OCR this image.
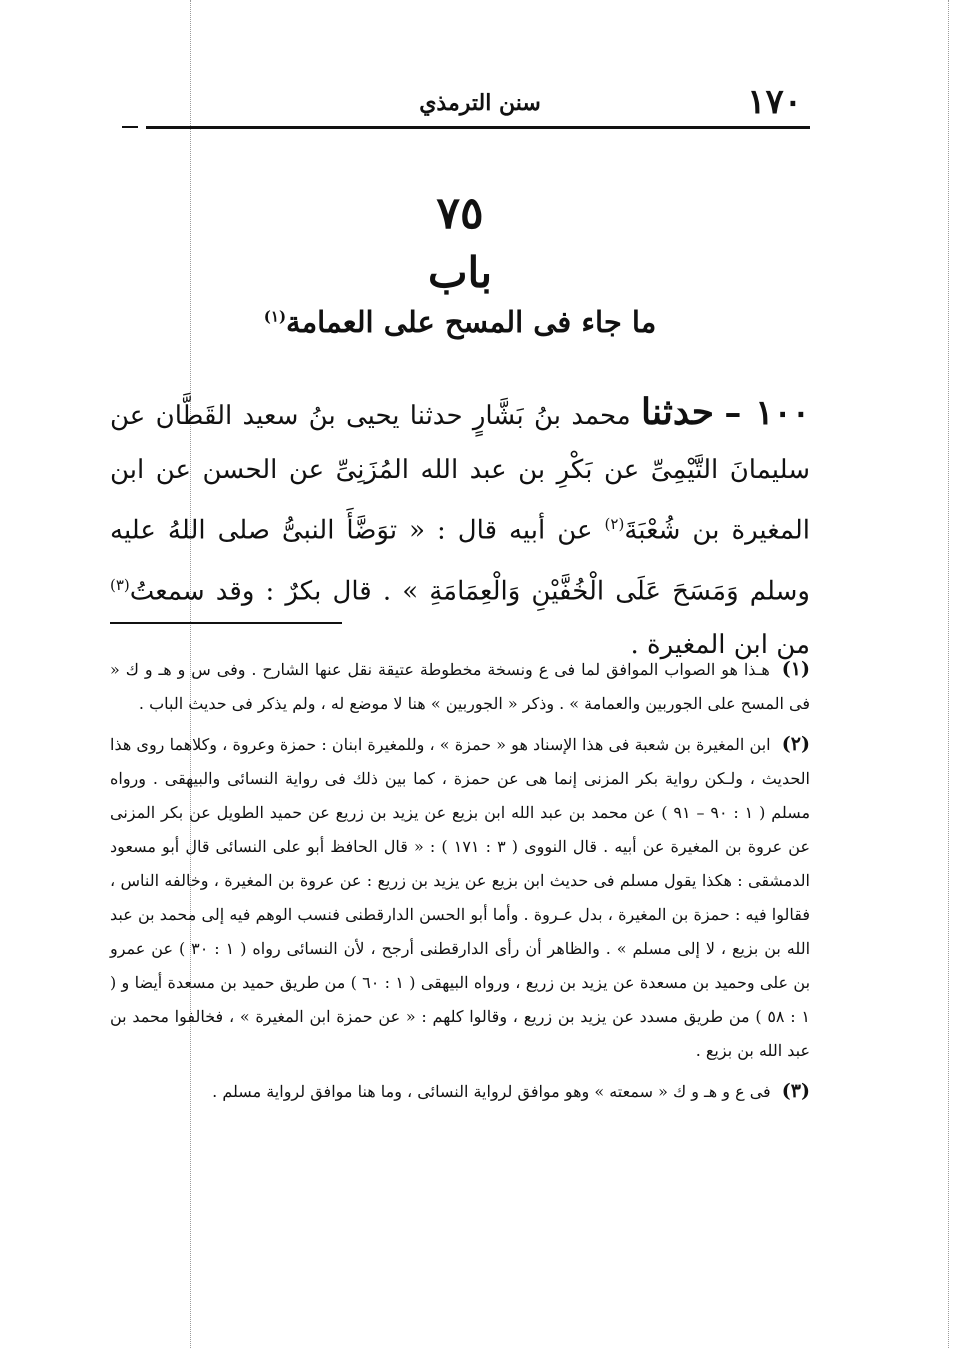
١٧٠
سنن الترمذي
٧٥
باب
ما جاء فى المسح على العمامة$^{(١)}$
١٠٠ – حدثنا محمد بنُ بَشَّارٍ حدثنا يحيى بنُ سعيد القَطَّان عن سليمانَ التَّيْمِىِّ عن بَكْرِ بن عبد الله المُزَنِىِّ عن الحسن عن ابن المغيرة بن شُعْبَةَ$^{(٢)}$ عن أبيه قال : « توَضَّأَ النبىُّ صلى اللهُ عليه وسلم وَمَسَحَ عَلَى الْخُفَّيْنِ وَالْعِمَامَةِ » . قال بكرٌ : وقد سمعتُ$^{(٣)}$ من ابن المغيرة .

(١) هـذا هو الصواب الموافق لما فى ع ونسخة مخطوطة عتيقة نقل عنها الشارح . وفى س و هـ و ك « فى المسح على الجوربين والعمامة » . وذكر « الجوربين » هنا لا موضع له ، ولم يذكر فى حديث الباب .

(٢) ابن المغيرة بن شعبة فى هذا الإسناد هو « حمزة » ، وللمغيرة ابنان : حمزة وعروة ، وكلاهما روى هذا الحديث ، ولـكن رواية بكر المزنى إنما هى عن حمزة ، كما بين ذلك فى رواية النسائى والبيهقى . ورواه مسلم ( ١ : ٩٠ – ٩١ ) عن محمد بن عبد الله ابن بزيع عن يزيد بن زريع عن حميد الطويل عن بكر المزنى عن عروة بن المغيرة عن أبيه . قال النووى ( ٣ : ١٧١ ) : « قال الحافظ أبو على النسائى قال أبو مسعود الدمشقى : هكذا يقول مسلم فى حديث ابن بزيع عن يزيد بن زريع : عن عروة بن المغيرة ، وخالفه الناس ، فقالوا فيه : حمزة بن المغيرة ، بدل عـروة . وأما أبو الحسن الدارقطنى فنسب الوهم فيه إلى محمد بن عبد الله بن بزيع ، لا إلى مسلم » . والظاهر أن رأى الدارقطنى أرجح ، لأن النسائى رواه ( ١ : ٣٠ ) عن عمرو بن على وحميد بن مسعدة عن يزيد بن زريع ، ورواه البيهقى ( ١ : ٦٠ ) من طريق حميد بن مسعدة أيضا و ( ١ : ٥٨ ) من طريق مسدد عن يزيد بن زريع ، وقالوا كلهم : « عن حمزة ابن المغيرة » ، فخالفوا محمد بن عبد الله بن بزيع .

(٣) فى ع و هـ و ك « سمعته » وهو موافق لرواية النسائى ، وما هنا موافق لرواية مسلم .
